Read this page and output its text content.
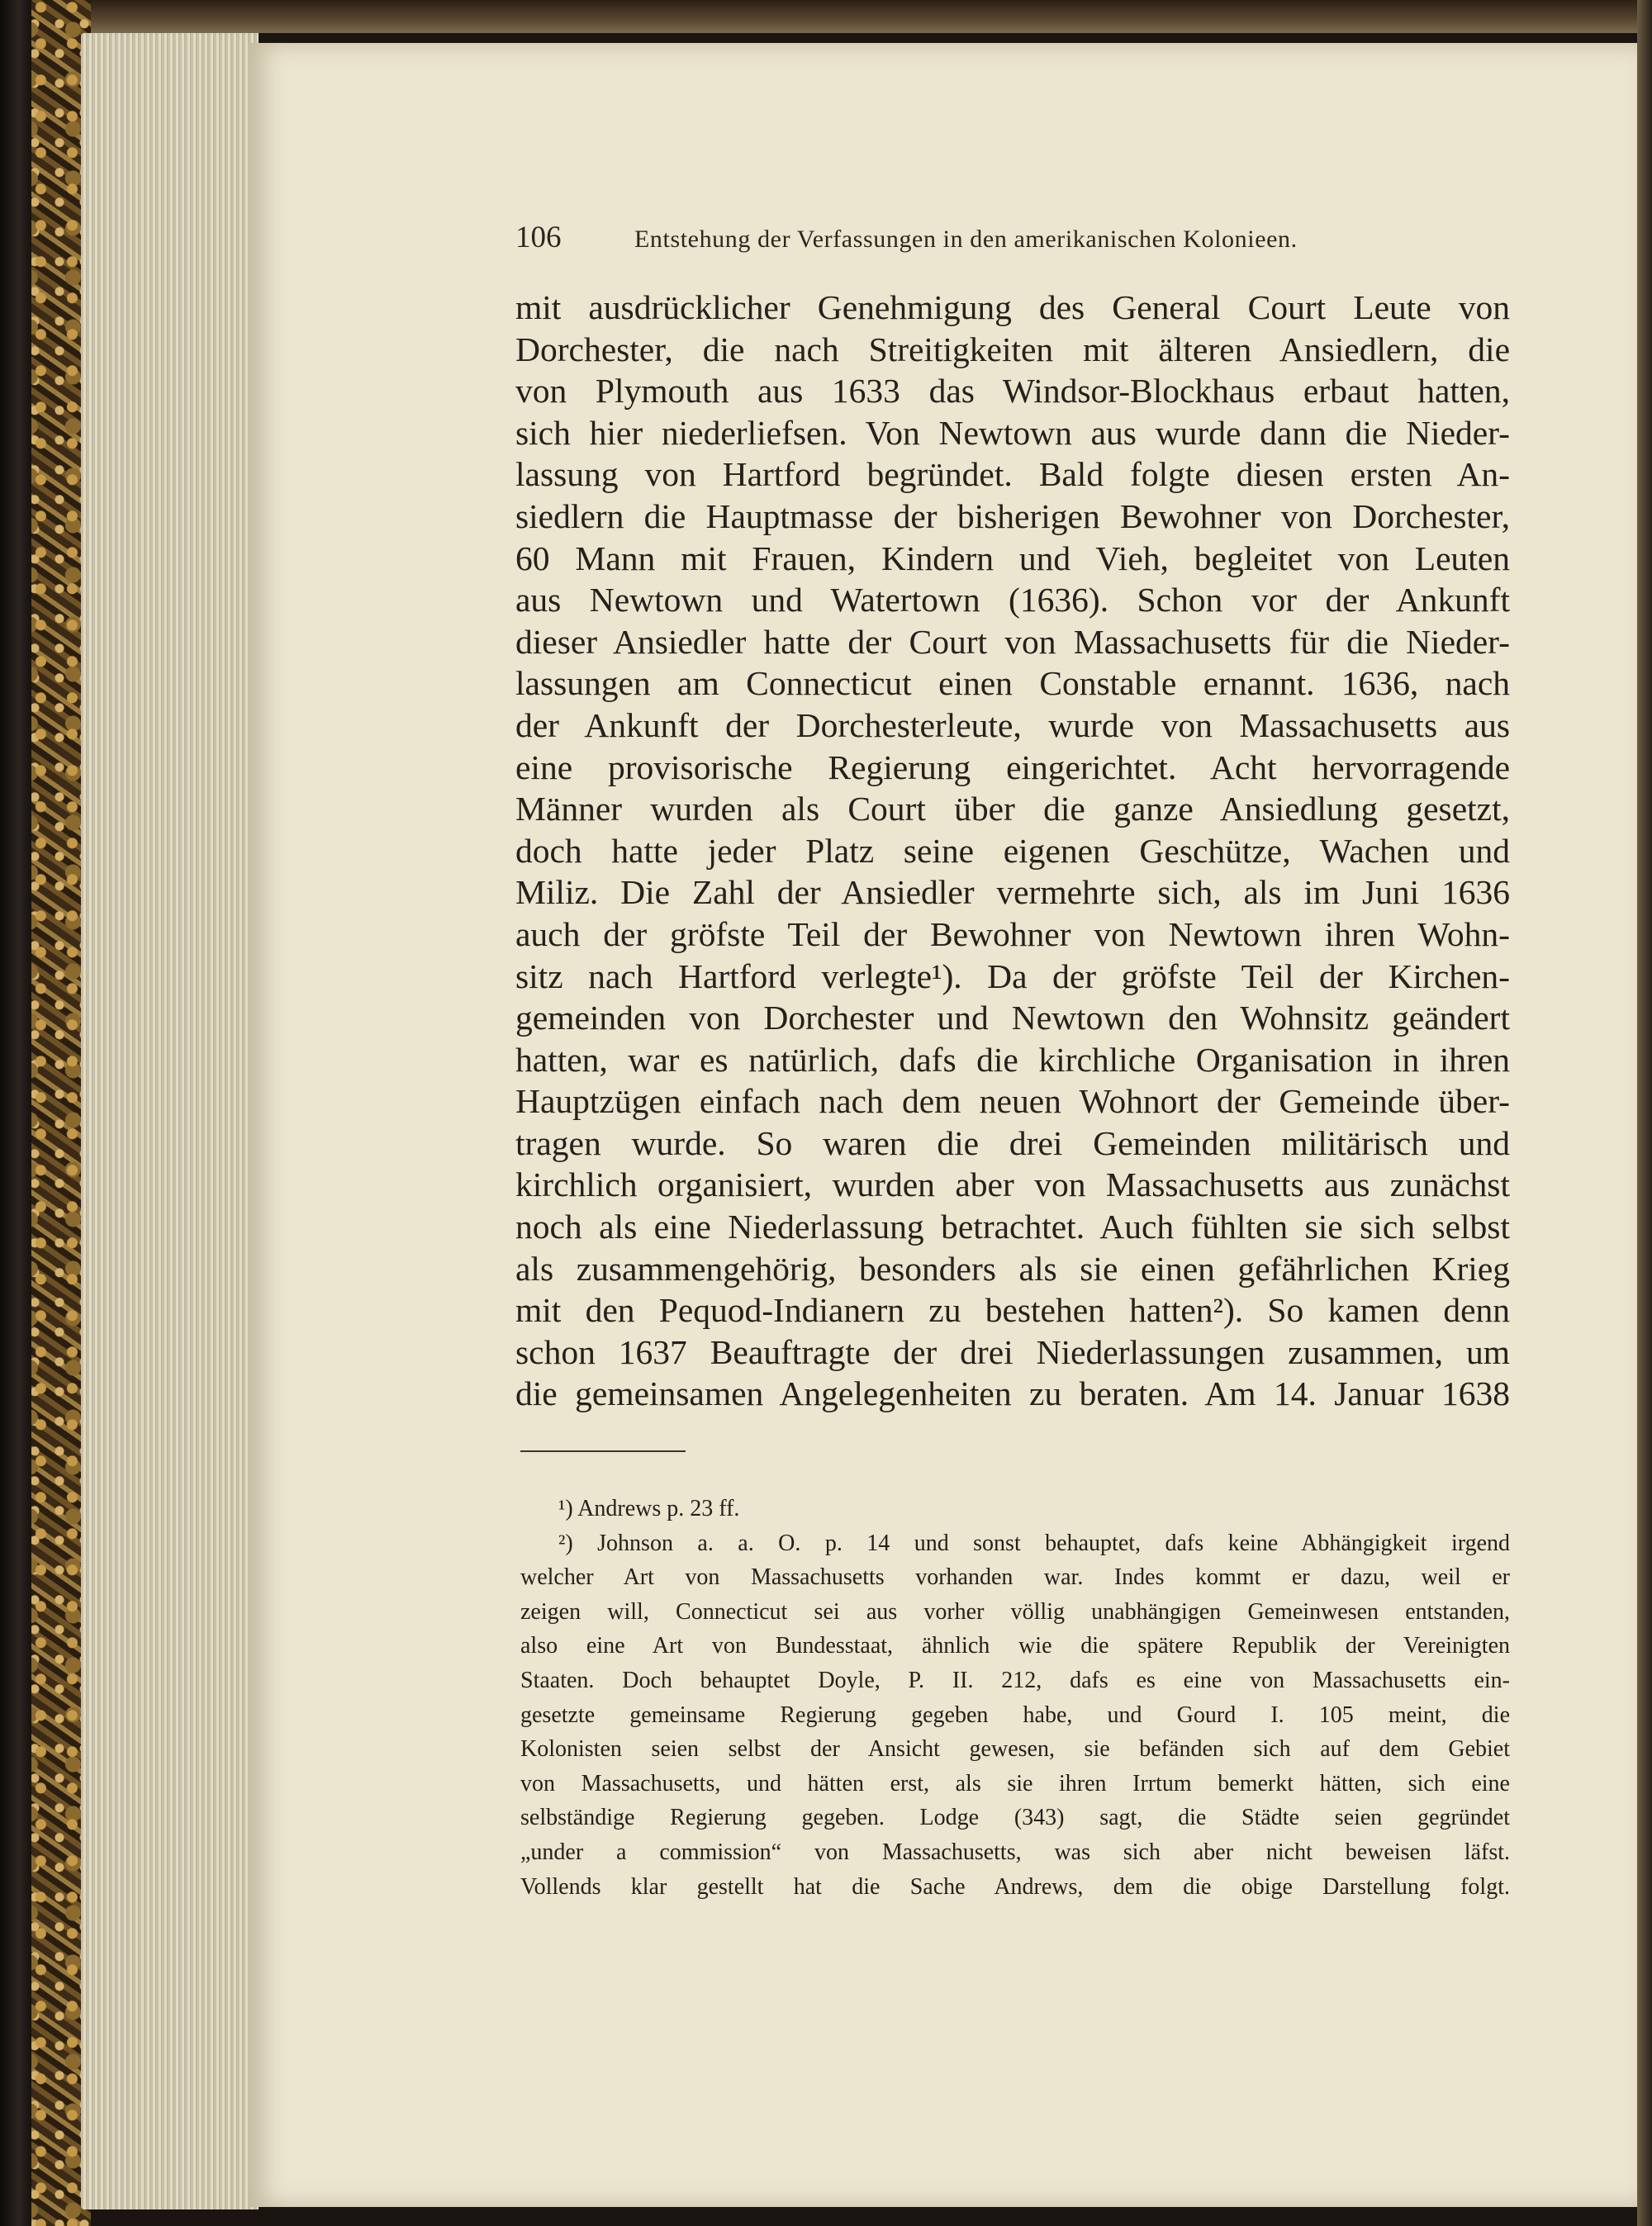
106	Entstehung der Verfassungen in den amerikanischen Kolonieen.
mit ausdrücklicher Genehmigung des General Court Leute von
Dorchester, die nach Streitigkeiten mit älteren Ansiedlern, die
von Plymouth aus 1633 das Windsor-Blockhaus erbaut hatten,
sich hier niederliefsen. Von Newtown aus wurde dann die Nieder-
lassung von Hartford begründet. Bald folgte diesen ersten An-
siedlern die Hauptmasse der bisherigen Bewohner von Dorchester,
60 Mann mit Frauen, Kindern und Vieh, begleitet von Leuten
aus Newtown und Watertown (1636). Schon vor der Ankunft
dieser Ansiedler hatte der Court von Massachusetts für die Nieder-
lassungen am Connecticut einen Constable ernannt. 1636, nach
der Ankunft der Dorchesterleute, wurde von Massachusetts aus
eine provisorische Regierung eingerichtet. Acht hervorragende
Männer wurden als Court über die ganze Ansiedlung gesetzt,
doch hatte jeder Platz seine eigenen Geschütze, Wachen und
Miliz. Die Zahl der Ansiedler vermehrte sich, als im Juni 1636
auch der gröfste Teil der Bewohner von Newtown ihren Wohn-
sitz nach Hartford verlegte¹). Da der gröfste Teil der Kirchen-
gemeinden von Dorchester und Newtown den Wohnsitz geändert
hatten, war es natürlich, dafs die kirchliche Organisation in ihren
Hauptzügen einfach nach dem neuen Wohnort der Gemeinde über-
tragen wurde. So waren die drei Gemeinden militärisch und
kirchlich organisiert, wurden aber von Massachusetts aus zunächst
noch als eine Niederlassung betrachtet. Auch fühlten sie sich selbst
als zusammengehörig, besonders als sie einen gefährlichen Krieg
mit den Pequod-Indianern zu bestehen hatten²). So kamen denn
schon 1637 Beauftragte der drei Niederlassungen zusammen, um
die gemeinsamen Angelegenheiten zu beraten. Am 14. Januar 1638
¹) Andrews p. 23 ff.
²) Johnson a. a. O. p. 14 und sonst behauptet, dafs keine Abhängigkeit irgend
welcher Art von Massachusetts vorhanden war. Indes kommt er dazu, weil er
zeigen will, Connecticut sei aus vorher völlig unabhängigen Gemeinwesen entstanden,
also eine Art von Bundesstaat, ähnlich wie die spätere Republik der Vereinigten
Staaten. Doch behauptet Doyle, P. II. 212, dafs es eine von Massachusetts ein-
gesetzte gemeinsame Regierung gegeben habe, und Gourd I. 105 meint, die
Kolonisten seien selbst der Ansicht gewesen, sie befänden sich auf dem Gebiet
von Massachusetts, und hätten erst, als sie ihren Irrtum bemerkt hätten, sich eine
selbständige Regierung gegeben. Lodge (343) sagt, die Städte seien gegründet
„under a commission“ von Massachusetts, was sich aber nicht beweisen läfst.
Vollends klar gestellt hat die Sache Andrews, dem die obige Darstellung folgt.
